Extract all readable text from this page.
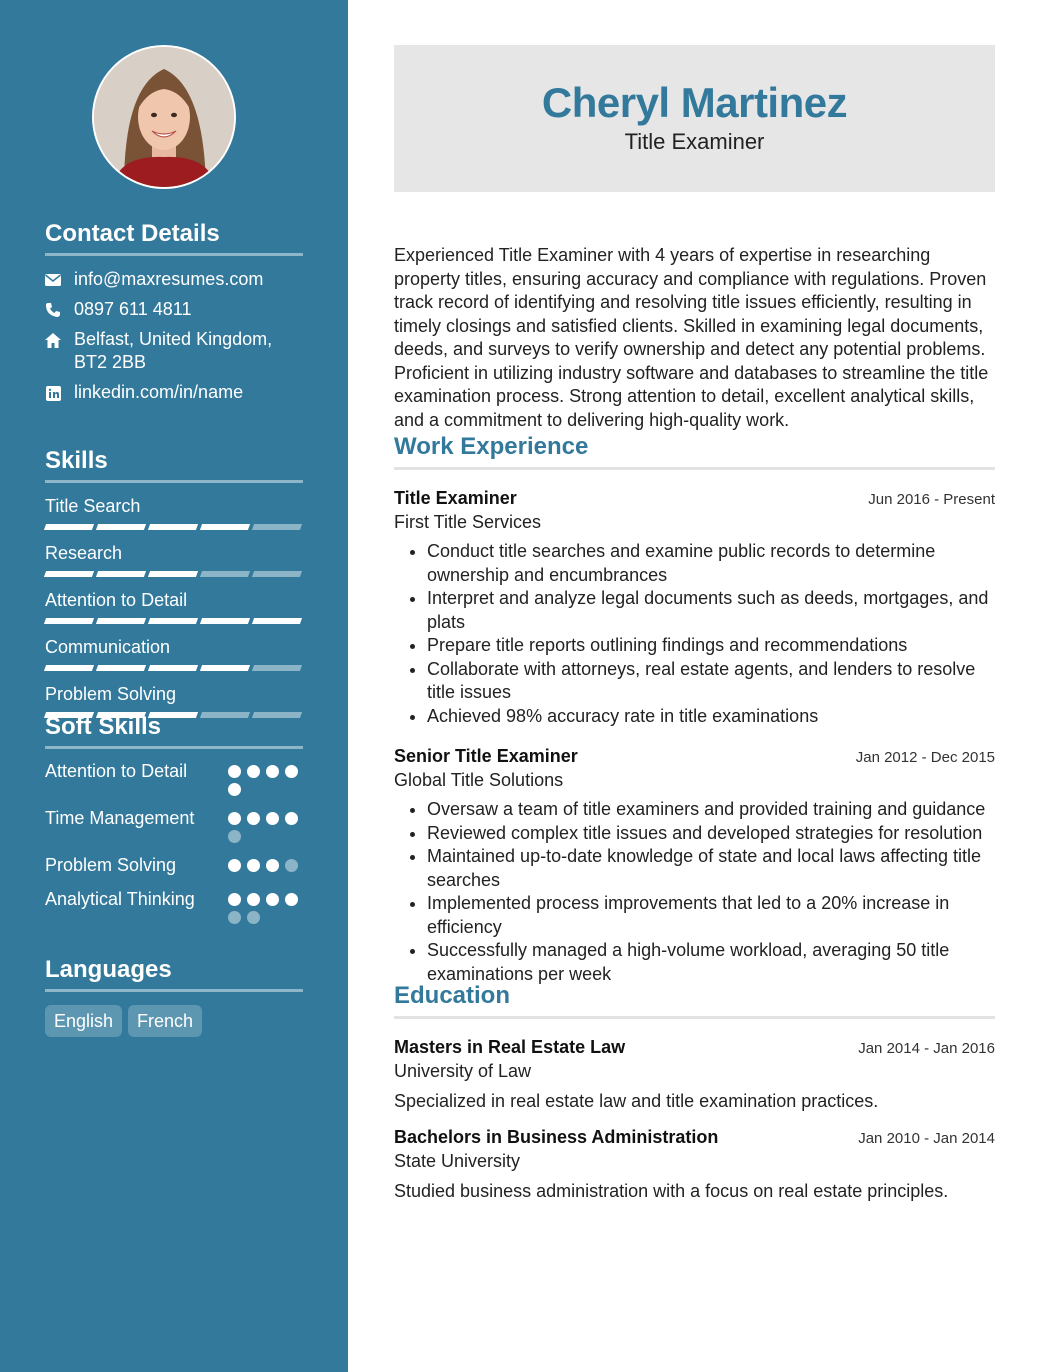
Contact Details
info@maxresumes.com
0897 611 4811
Belfast, United Kingdom, BT2 2BB
linkedin.com/in/name
Skills
Title Search
Research
Attention to Detail
Communication
Problem Solving
Soft Skills
Attention to Detail
Time Management
Problem Solving
Analytical Thinking
Languages
English	French
Cheryl Martinez
Title Examiner

Experienced Title Examiner with 4 years of expertise in researching property titles, ensuring accuracy and compliance with regulations. Proven track record of identifying and resolving title issues efficiently, resulting in timely closings and satisfied clients. Skilled in examining legal documents, deeds, and surveys to verify ownership and detect any potential problems. Proficient in utilizing industry software and databases to streamline the title examination process. Strong attention to detail, excellent analytical skills, and a commitment to delivering high-quality work.

Work Experience
Title Examiner	Jun 2016 - Present
First Title Services
• Conduct title searches and examine public records to determine ownership and encumbrances
• Interpret and analyze legal documents such as deeds, mortgages, and plats
• Prepare title reports outlining findings and recommendations
• Collaborate with attorneys, real estate agents, and lenders to resolve title issues
• Achieved 98% accuracy rate in title examinations
Senior Title Examiner	Jan 2012 - Dec 2015
Global Title Solutions
• Oversaw a team of title examiners and provided training and guidance
• Reviewed complex title issues and developed strategies for resolution
• Maintained up-to-date knowledge of state and local laws affecting title searches
• Implemented process improvements that led to a 20% increase in efficiency
• Successfully managed a high-volume workload, averaging 50 title examinations per week
Education
Masters in Real Estate Law	Jan 2014 - Jan 2016
University of Law
Specialized in real estate law and title examination practices.
Bachelors in Business Administration	Jan 2010 - Jan 2014
State University
Studied business administration with a focus on real estate principles.
